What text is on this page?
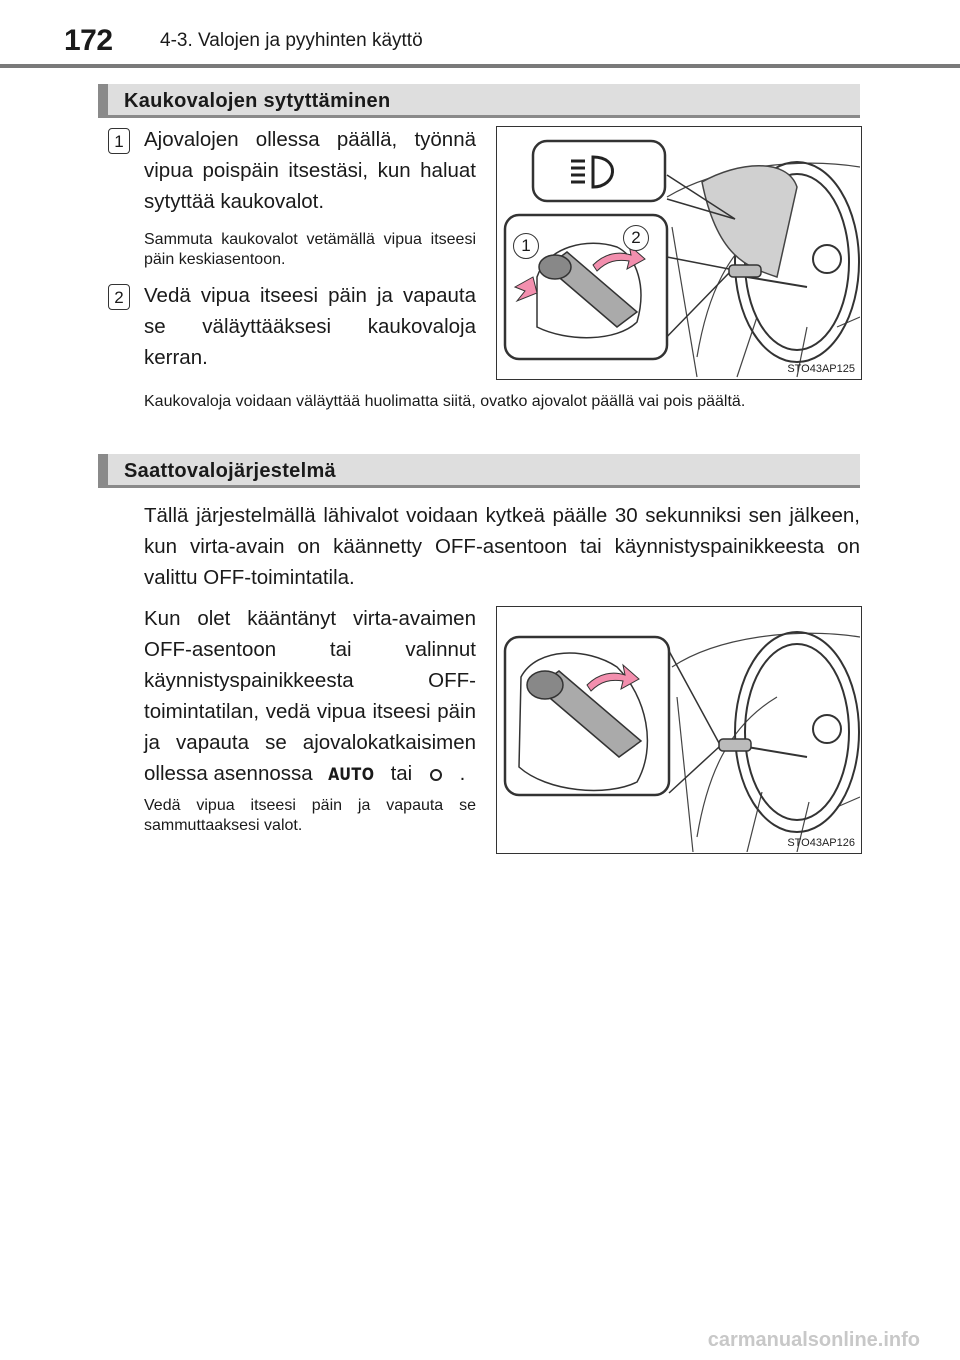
172 4-3. Valojen ja pyyhinten käyttö
Kaukovalojen sytyttäminen
1 Ajovalojen ollessa päällä, työnnä vipua poispäin itsestäsi, kun haluat sytyttää kaukovalot.
Sammuta kaukovalot vetämällä vipua itseesi päin keskiasentoon.
2 Vedä vipua itseesi päin ja vapauta se väläyttääksesi kaukovaloja kerran.
1	2
STO43AP125
Kaukovaloja voidaan väläyttää huolimatta siitä, ovatko ajovalot päällä vai pois päältä.
Saattovalojärjestelmä
Tällä järjestelmällä lähivalot voidaan kytkeä päälle 30 sekunniksi sen jälkeen, kun virta-avain on käännetty OFF-asentoon tai käynnistyspainikkeesta on valittu OFF-toimintatila.
Kun olet kääntänyt virta-avaimen OFF-asentoon tai valinnut käynnistyspainikkeesta OFF-toimintatilan, vedä vipua itseesi päin ja vapauta se ajovalokatkaisimen ollessa asennossa AUTO tai .
Vedä vipua itseesi päin ja vapauta se sammuttaaksesi valot.
STO43AP126
carmanualsonline.info
